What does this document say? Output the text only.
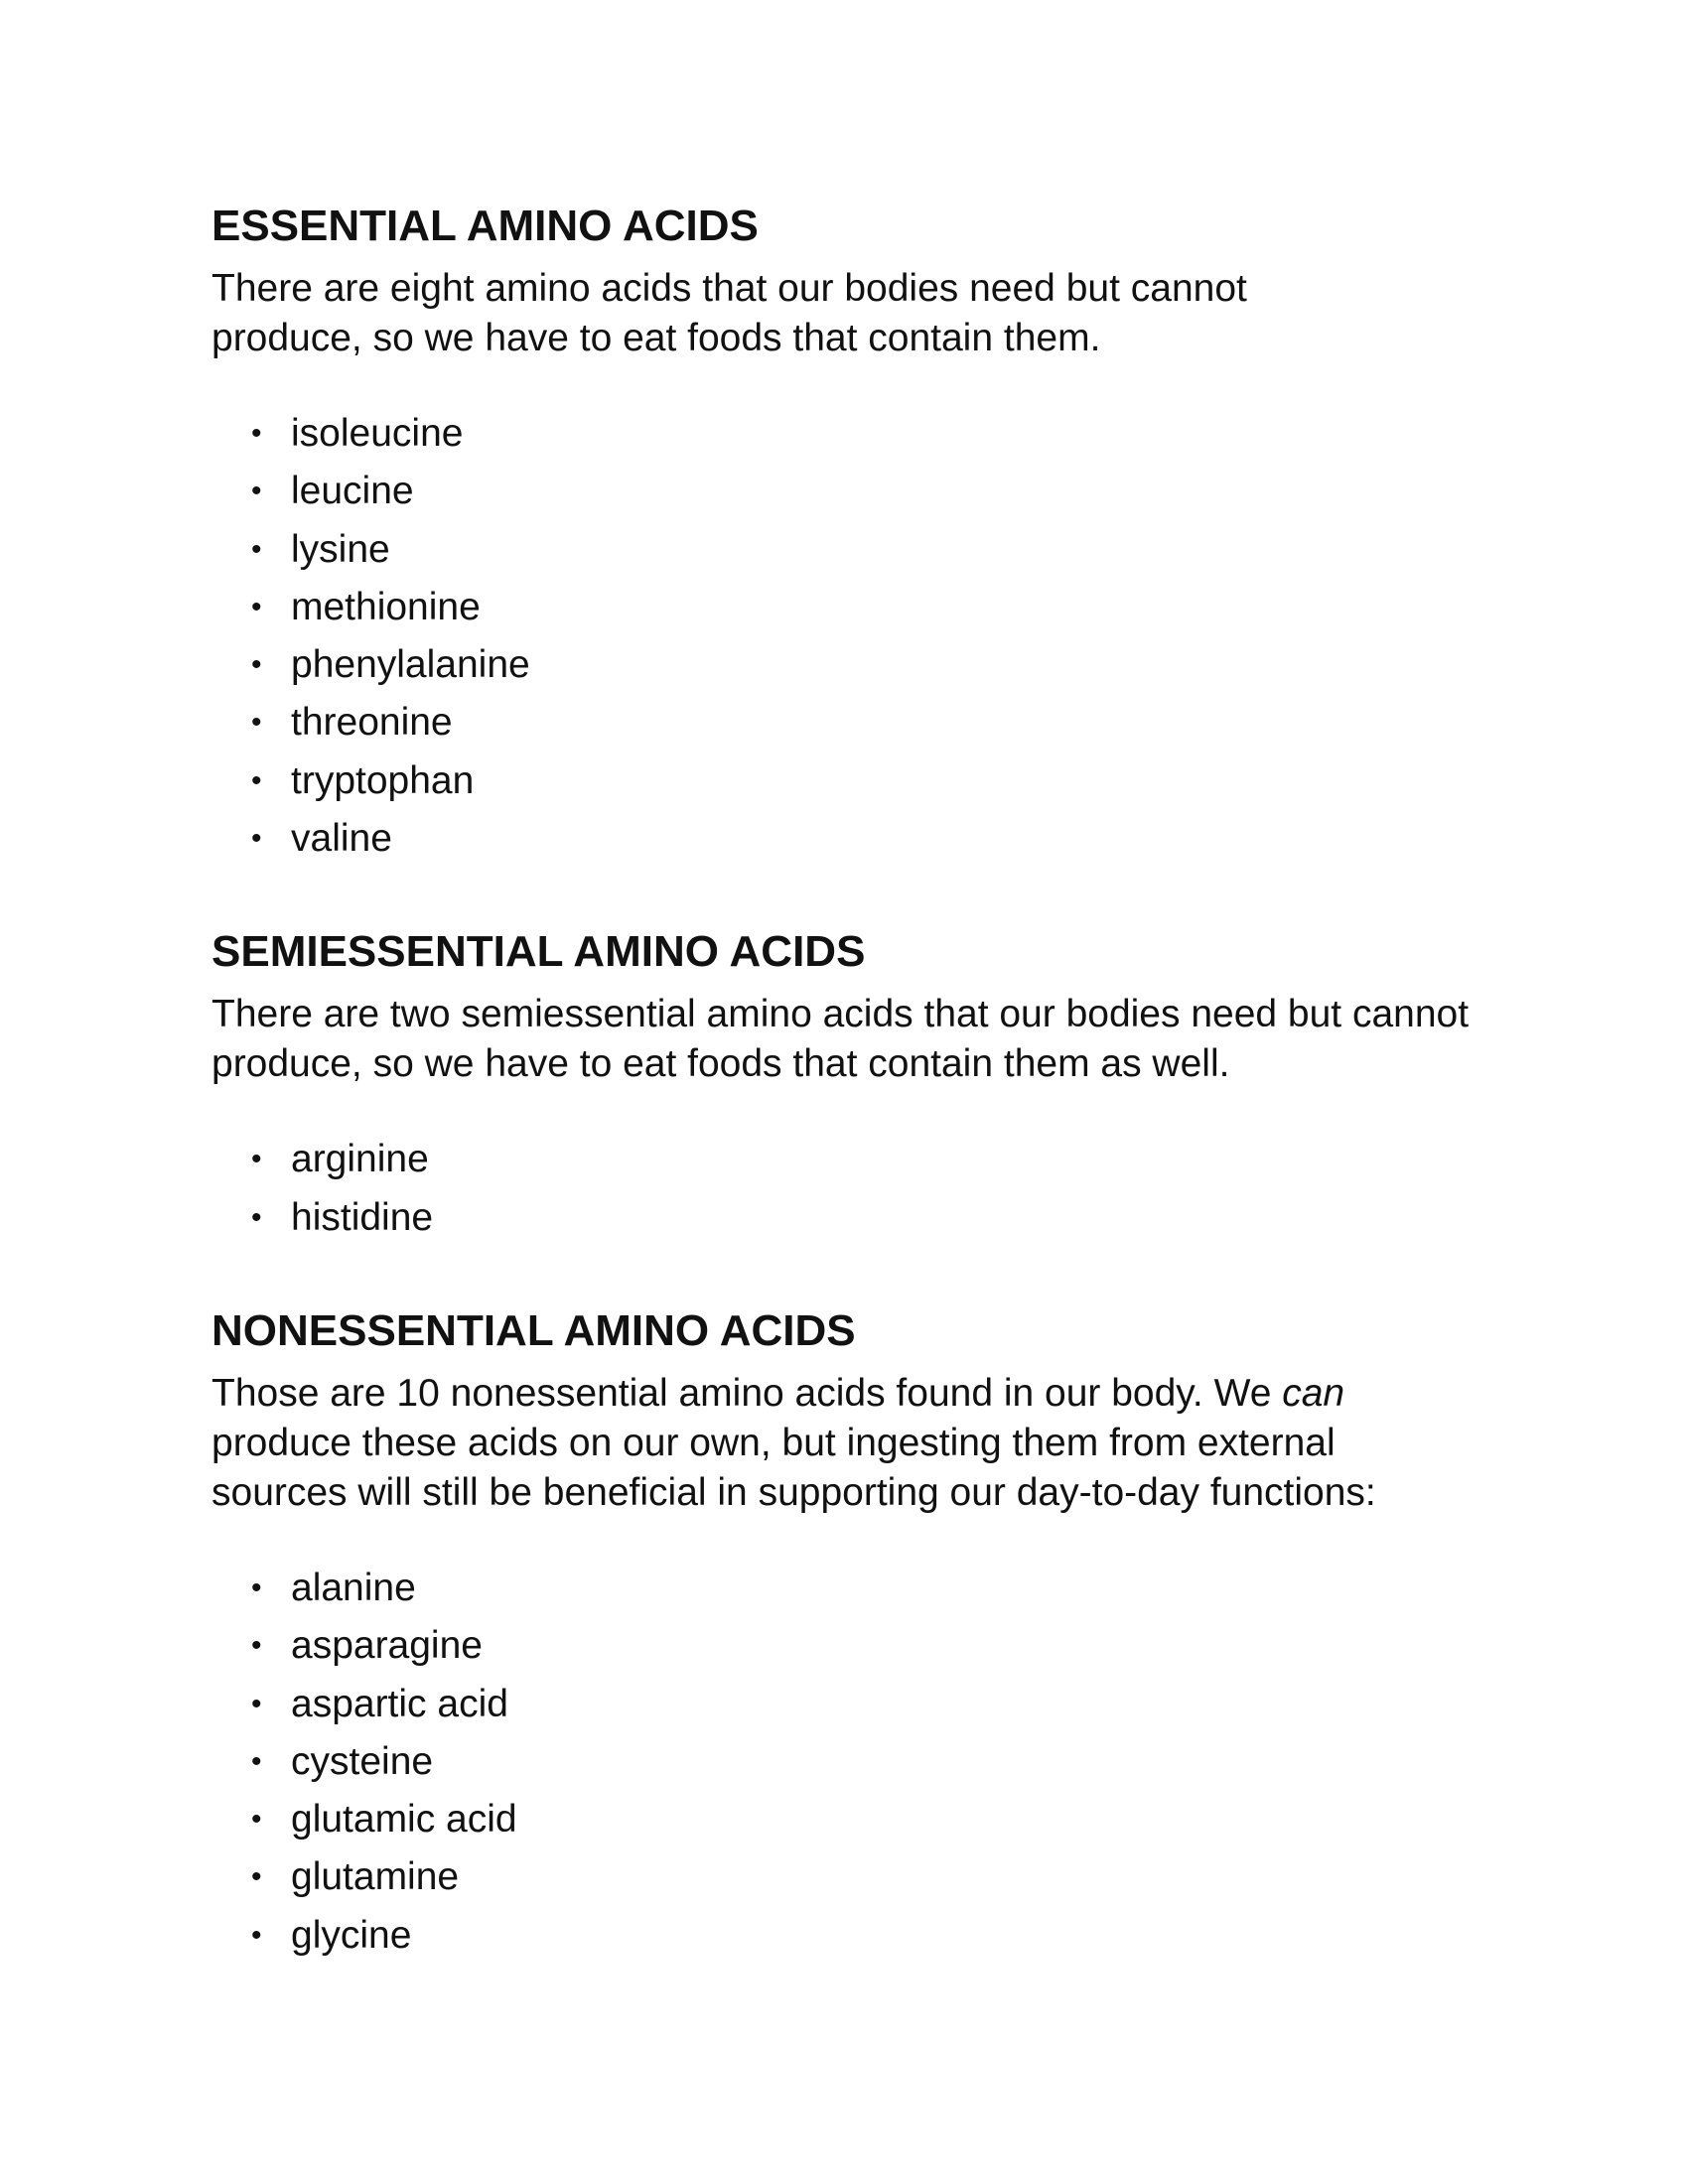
ESSENTIAL AMINO ACIDS

There are eight amino acids that our bodies need but cannot produce, so we have to eat foods that contain them.

• isoleucine
• leucine
• lysine
• methionine
• phenylalanine
• threonine
• tryptophan
• valine
SEMIESSENTIAL AMINO ACIDS

There are two semiessential amino acids that our bodies need but cannot produce, so we have to eat foods that contain them as well.

• arginine
• histidine
NONESSENTIAL AMINO ACIDS

Those are 10 nonessential amino acids found in our body. We can produce these acids on our own, but ingesting them from external sources will still be beneficial in supporting our day-to-day functions:

• alanine
• asparagine
• aspartic acid
• cysteine
• glutamic acid
• glutamine
• glycine
